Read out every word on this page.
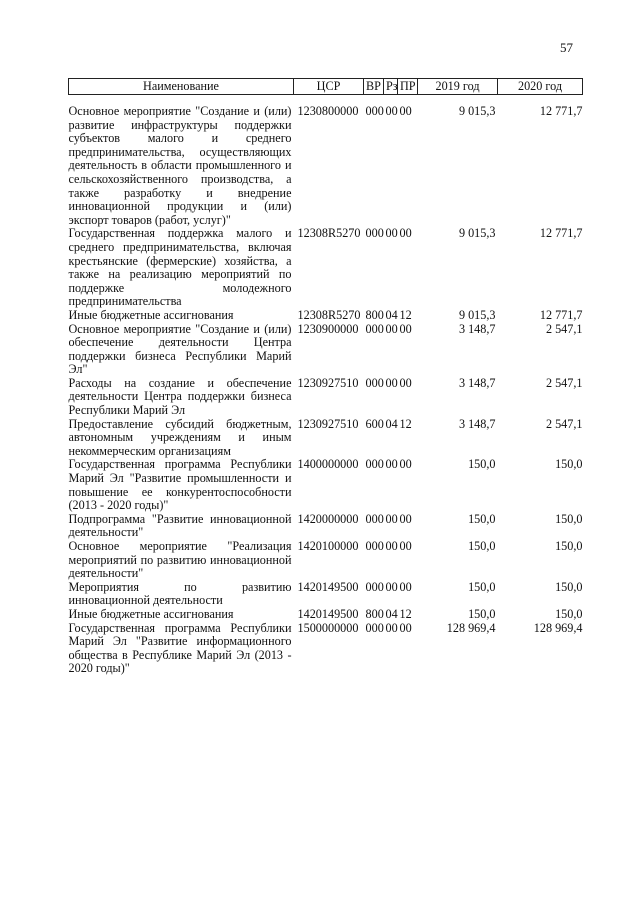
57
Наименование	ЦСР	ВР	Рз	ПР	2019 год	2020 год
Основное мероприятие "Создание и (или) развитие инфраструктуры поддержки субъектов малого и среднего предпринимательства, осуществляющих деятельность в области промышленного и сельскохозяйственного производства, а также разработку и внедрение инновационной продукции и (или) экспорт товаров (работ, услуг)"	1230800000	000	00	00	9 015,3	12 771,7
Государственная поддержка малого и среднего предпринимательства, включая крестьянские (фермерские) хозяйства, а также на реализацию мероприятий по поддержке молодежного предпринимательства	12308R5270	000	00	00	9 015,3	12 771,7
Иные бюджетные ассигнования	12308R5270	800	04	12	9 015,3	12 771,7
Основное мероприятие "Создание и (или) обеспечение деятельности Центра поддержки бизнеса Республики Марий Эл"	1230900000	000	00	00	3 148,7	2 547,1
Расходы на создание и обеспечение деятельности Центра поддержки бизнеса Республики Марий Эл	1230927510	000	00	00	3 148,7	2 547,1
Предоставление субсидий бюджетным, автономным учреждениям и иным некоммерческим организациям	1230927510	600	04	12	3 148,7	2 547,1
Государственная программа Республики Марий Эл "Развитие промышленности и повышение ее конкурентоспособности (2013 - 2020 годы)"	1400000000	000	00	00	150,0	150,0
Подпрограмма "Развитие инновационной деятельности"	1420000000	000	00	00	150,0	150,0
Основное мероприятие "Реализация мероприятий по развитию инновационной деятельности"	1420100000	000	00	00	150,0	150,0
Мероприятия по развитию инновационной деятельности	1420149500	000	00	00	150,0	150,0
Иные бюджетные ассигнования	1420149500	800	04	12	150,0	150,0
Государственная программа Республики Марий Эл "Развитие информационного общества в Республике Марий Эл (2013 - 2020 годы)"	1500000000	000	00	00	128 969,4	128 969,4
